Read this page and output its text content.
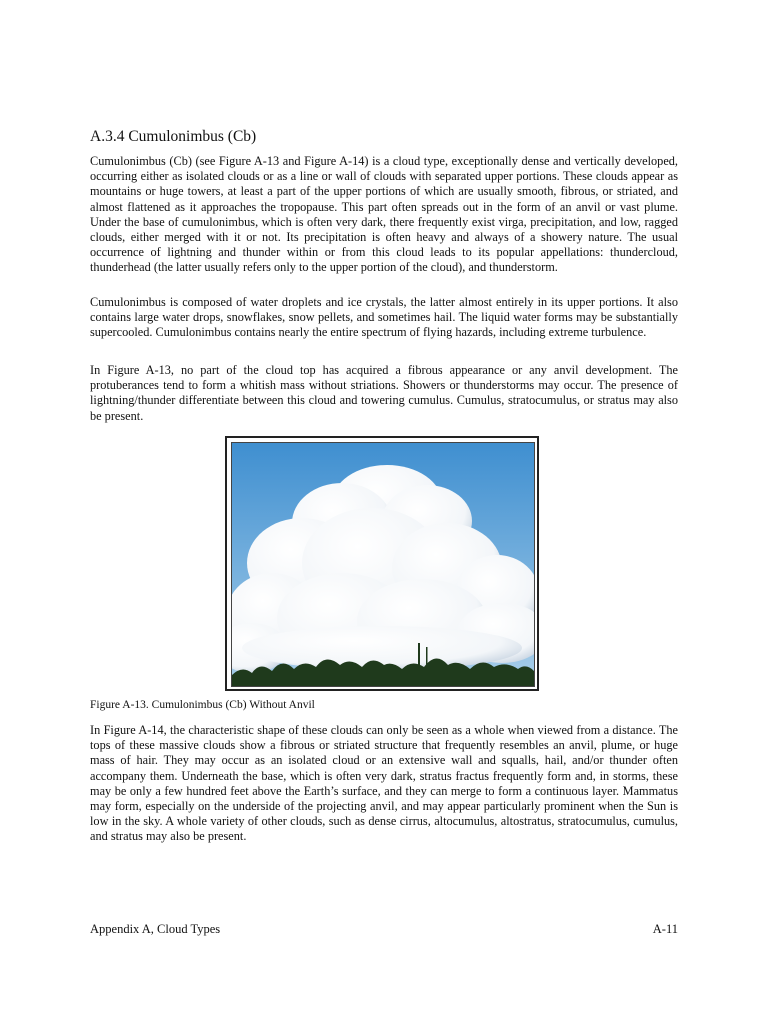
A.3.4 Cumulonimbus (Cb)

Cumulonimbus (Cb) (see Figure A-13 and Figure A-14) is a cloud type, exceptionally dense and vertically developed, occurring either as isolated clouds or as a line or wall of clouds with separated upper portions. These clouds appear as mountains or huge towers, at least a part of the upper portions of which are usually smooth, fibrous, or striated, and almost flattened as it approaches the tropopause. This part often spreads out in the form of an anvil or vast plume. Under the base of cumulonimbus, which is often very dark, there frequently exist virga, precipitation, and low, ragged clouds, either merged with it or not. Its precipitation is often heavy and always of a showery nature. The usual occurrence of lightning and thunder within or from this cloud leads to its popular appellations: thundercloud, thunderhead (the latter usually refers only to the upper portion of the cloud), and thunderstorm.

Cumulonimbus is composed of water droplets and ice crystals, the latter almost entirely in its upper portions. It also contains large water drops, snowflakes, snow pellets, and sometimes hail. The liquid water forms may be substantially supercooled. Cumulonimbus contains nearly the entire spectrum of flying hazards, including extreme turbulence.

In Figure A-13, no part of the cloud top has acquired a fibrous appearance or any anvil development. The protuberances tend to form a whitish mass without striations. Showers or thunderstorms may occur. The presence of lightning/thunder differentiate between this cloud and towering cumulus. Cumulus, stratocumulus, or stratus may also be present.

Figure A-13. Cumulonimbus (Cb) Without Anvil

In Figure A-14, the characteristic shape of these clouds can only be seen as a whole when viewed from a distance. The tops of these massive clouds show a fibrous or striated structure that frequently resembles an anvil, plume, or huge mass of hair. They may occur as an isolated cloud or an extensive wall and squalls, hail, and/or thunder often accompany them. Underneath the base, which is often very dark, stratus fractus frequently form and, in storms, these may be only a few hundred feet above the Earth’s surface, and they can merge to form a continuous layer. Mammatus may form, especially on the underside of the projecting anvil, and may appear particularly prominent when the Sun is low in the sky. A whole variety of other clouds, such as dense cirrus, altocumulus, altostratus, stratocumulus, cumulus, and stratus may also be present.

Appendix A, Cloud Types	A-11
